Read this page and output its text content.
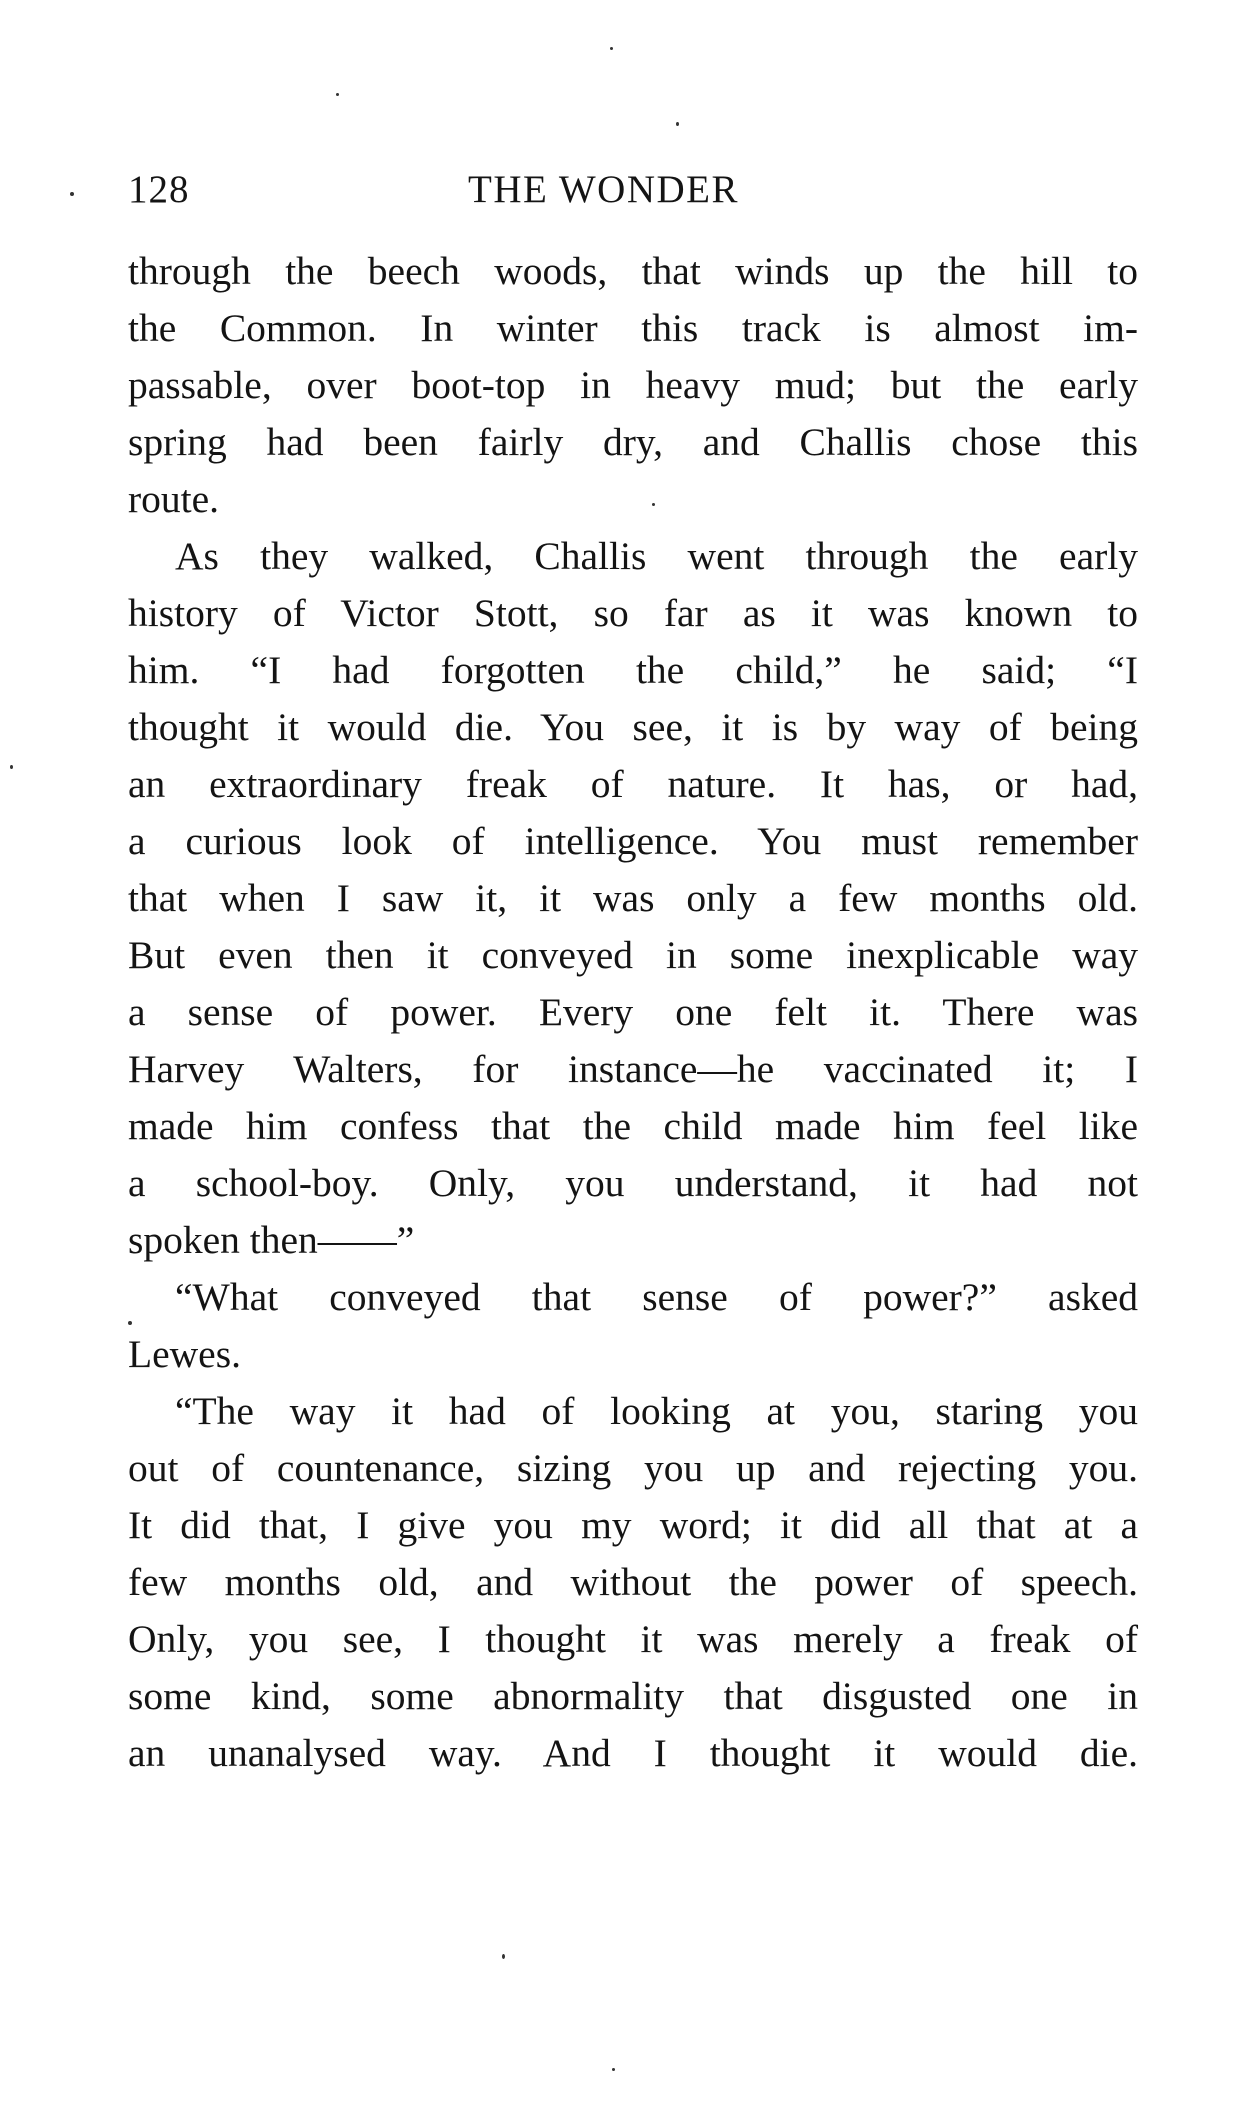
128	THE WONDER
through the beech woods, that winds up the hill to
the Common. In winter this track is almost im-
passable, over boot-top in heavy mud; but the early
spring had been fairly dry, and Challis chose this
route.
As they walked, Challis went through the early
history of Victor Stott, so far as it was known to
him. “I had forgotten the child,” he said; “I
thought it would die. You see, it is by way of being
an extraordinary freak of nature. It has, or had,
a curious look of intelligence. You must remember
that when I saw it, it was only a few months old.
But even then it conveyed in some inexplicable way
a sense of power. Every one felt it. There was
Harvey Walters, for instance—he vaccinated it; I
made him confess that the child made him feel like
a school-boy. Only, you understand, it had not
spoken then——”
“What conveyed that sense of power?” asked
Lewes.
“The way it had of looking at you, staring you
out of countenance, sizing you up and rejecting you.
It did that, I give you my word; it did all that at a
few months old, and without the power of speech.
Only, you see, I thought it was merely a freak of
some kind, some abnormality that disgusted one in
an unanalysed way. And I thought it would die.
